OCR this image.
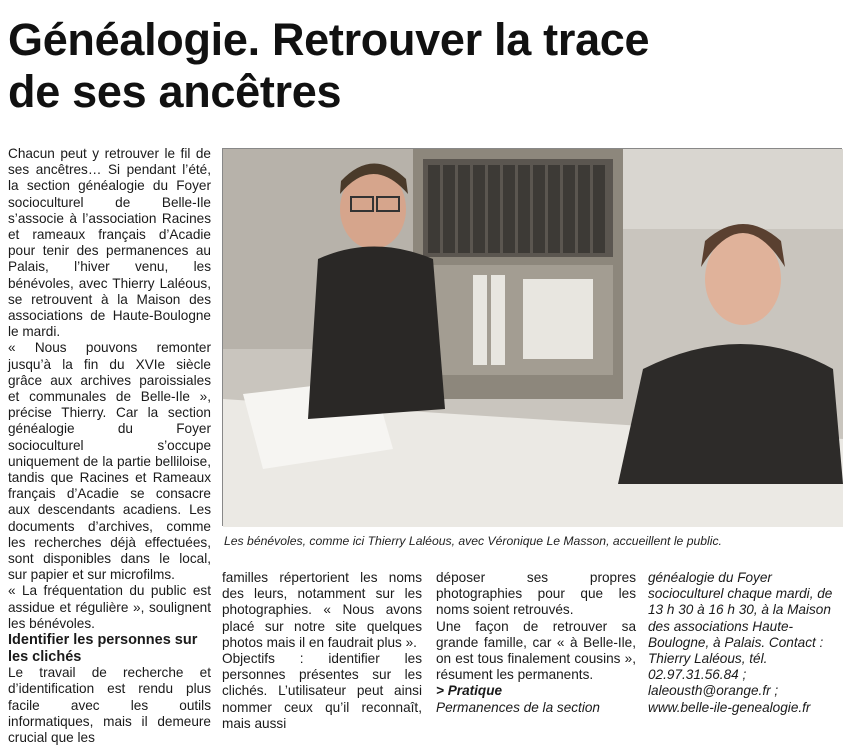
Généalogie. Retrouver la trace
de ses ancêtres

Chacun peut y retrouver le fil de ses ancêtres… Si pendant l’été, la section généalogie du Foyer socioculturel de Belle-Ile s’associe à l’association Racines et rameaux français d’Acadie pour tenir des permanences au Palais, l’hiver venu, les bénévoles, avec Thierry Laléous, se retrouvent à la Maison des associations de Haute-Boulogne le mardi.

« Nous pouvons remonter jusqu’à la fin du XVIe siècle grâce aux archives paroissiales et communales de Belle-Ile », précise Thierry. Car la section généalogie du Foyer socioculturel s’occupe uniquement de la partie belliloise, tandis que Racines et Rameaux français d’Acadie se consacre aux descendants acadiens. Les documents d’archives, comme les recherches déjà effectuées, sont disponibles dans le local, sur papier et sur microfilms.

« La fréquentation du public est assidue et régulière », soulignent les bénévoles.

Identifier les personnes sur les clichés

Le travail de recherche et d’identification est rendu plus facile avec les outils informatiques, mais il demeure crucial que les

Les bénévoles, comme ici Thierry Laléous, avec Véronique Le Masson, accueillent le public.

familles répertorient les noms des leurs, notamment sur les photographies. « Nous avons placé sur notre site quelques photos mais il en faudrait plus ».

Objectifs : identifier les personnes présentes sur les clichés. L’utilisateur peut ainsi nommer ceux qu’il reconnaît, mais aussi

déposer ses propres photographies pour que les noms soient retrouvés.

Une façon de retrouver sa grande famille, car « à Belle-Ile, on est tous finalement cousins », résument les permanents.

> Pratique

Permanences de la section

généalogie du Foyer socioculturel chaque mardi, de 13 h 30 à 16 h 30, à la Maison des associations Haute-Boulogne, à Palais. Contact : Thierry Laléous, tél. 02.97.31.56.84 ; laleousth@orange.fr ; www.belle-ile-genealogie.fr
